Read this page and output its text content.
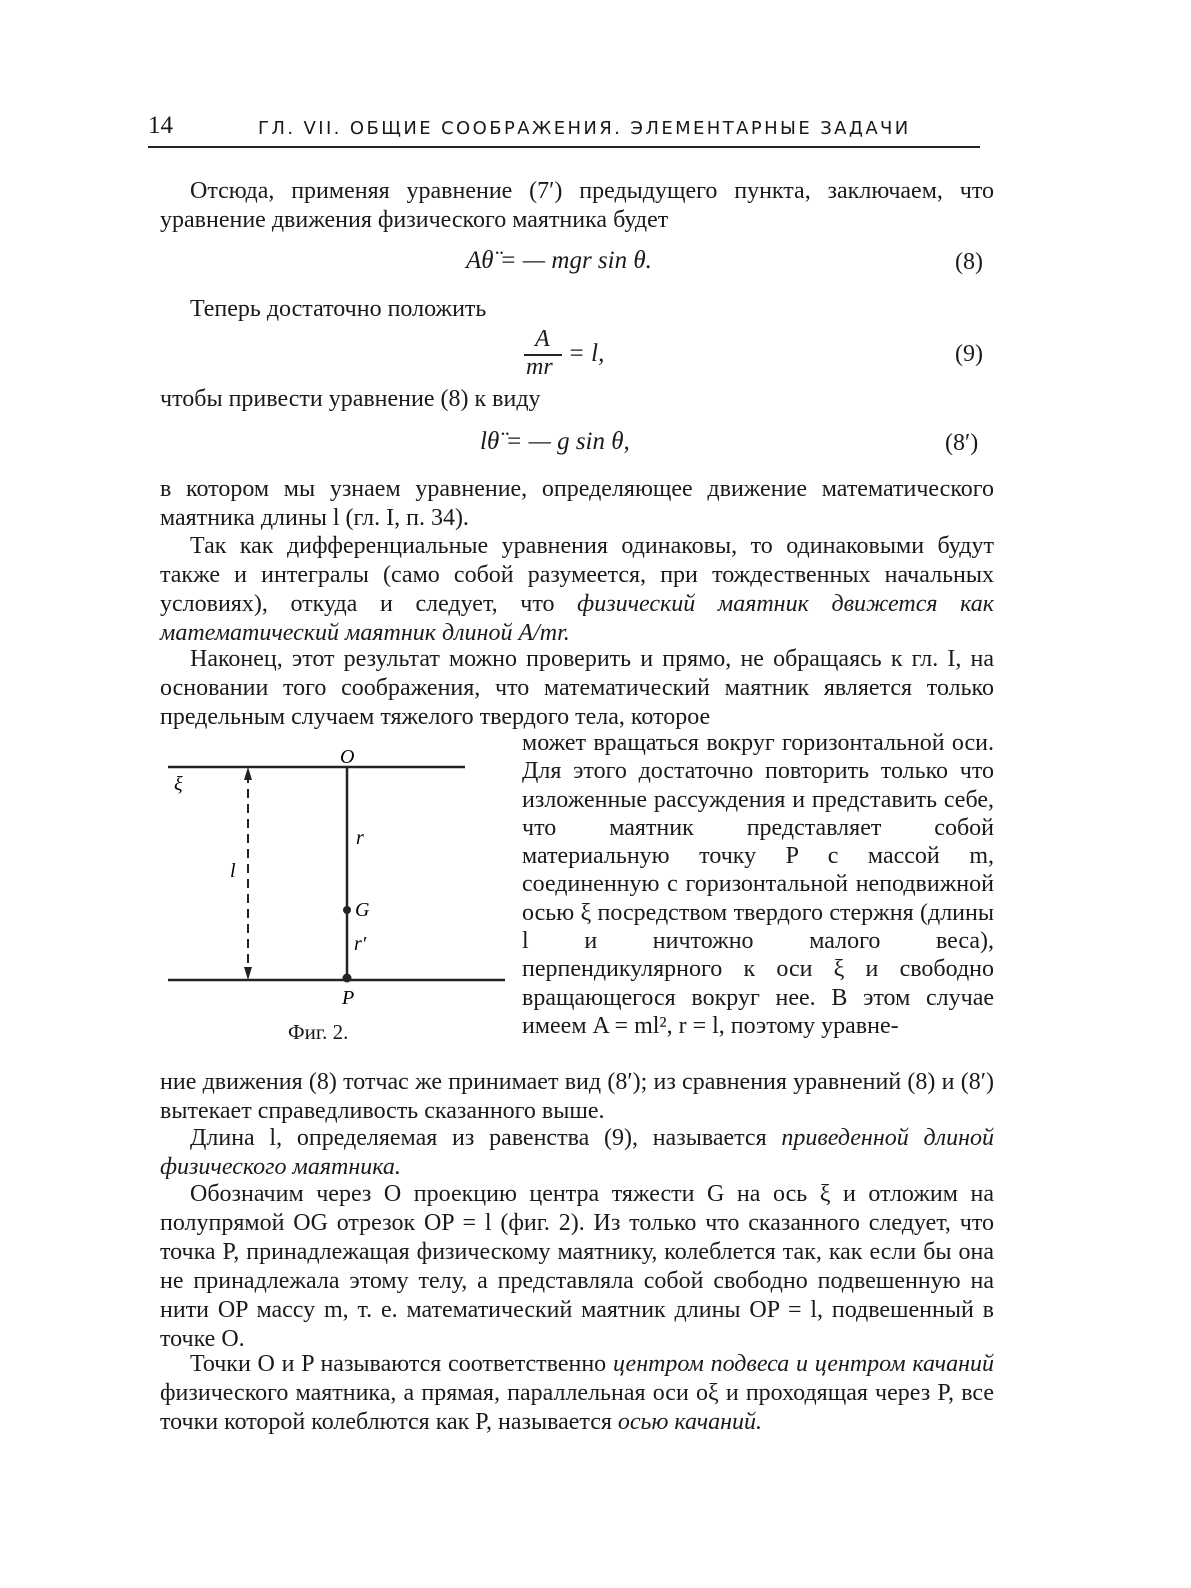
14	ГЛ. VII. ОБЩИЕ СООБРАЖЕНИЯ. ЭЛЕМЕНТАРНЫЕ ЗАДАЧИ

Отсюда, применяя уравнение (7′) предыдущего пункта, заключаем, что уравнение движения физического маятника будет

Aθ̈ = — mgr sin θ.	(8)

Теперь достаточно положить

A
mr = l,	(9)

чтобы привести уравнение (8) к виду

lθ̈ = — g sin θ,	(8′)

в котором мы узнаем уравнение, определяющее движение математического маятника длины l (гл. I, п. 34).

Так как дифференциальные уравнения одинаковы, то одинаковыми будут также и интегралы (само собой разумеется, при тождественных начальных условиях), откуда и следует, что физический маятник движется как математический маятник длиной A/mr.

Наконец, этот результат можно проверить и прямо, не обращаясь к гл. I, на основании того соображения, что математический маятник является только предельным случаем тяжелого твердого тела, которое

ξ
O
r
l
G
r′
P
Фиг. 2.

может вращаться вокруг горизонтальной оси. Для этого достаточно повторить только что изложенные рассуждения и представить себе, что маятник представляет собой материальную точку P с массой m, соединенную с горизонтальной неподвижной осью ξ посредством твердого стержня (длины l и ничтожно малого веса), перпендикулярного к оси ξ и свободно вращающегося вокруг нее. В этом случае имеем A = ml², r = l, поэтому уравне-

ние движения (8) тотчас же принимает вид (8′); из сравнения уравнений (8) и (8′) вытекает справедливость сказанного выше.

Длина l, определяемая из равенства (9), называется приведенной длиной физического маятника.

Обозначим через O проекцию центра тяжести G на ось ξ и отложим на полупрямой OG отрезок OP = l (фиг. 2). Из только что сказанного следует, что точка P, принадлежащая физическому маятнику, колеблется так, как если бы она не принадлежала этому телу, а представляла собой свободно подвешенную на нити OP массу m, т. е. математический маятник длины OP = l, подвешенный в точке O.

Точки O и P называются соответственно центром подвеса и центром качаний физического маятника, а прямая, параллельная оси oξ и проходящая через P, все точки которой колеблются как P, называется осью качаний.
